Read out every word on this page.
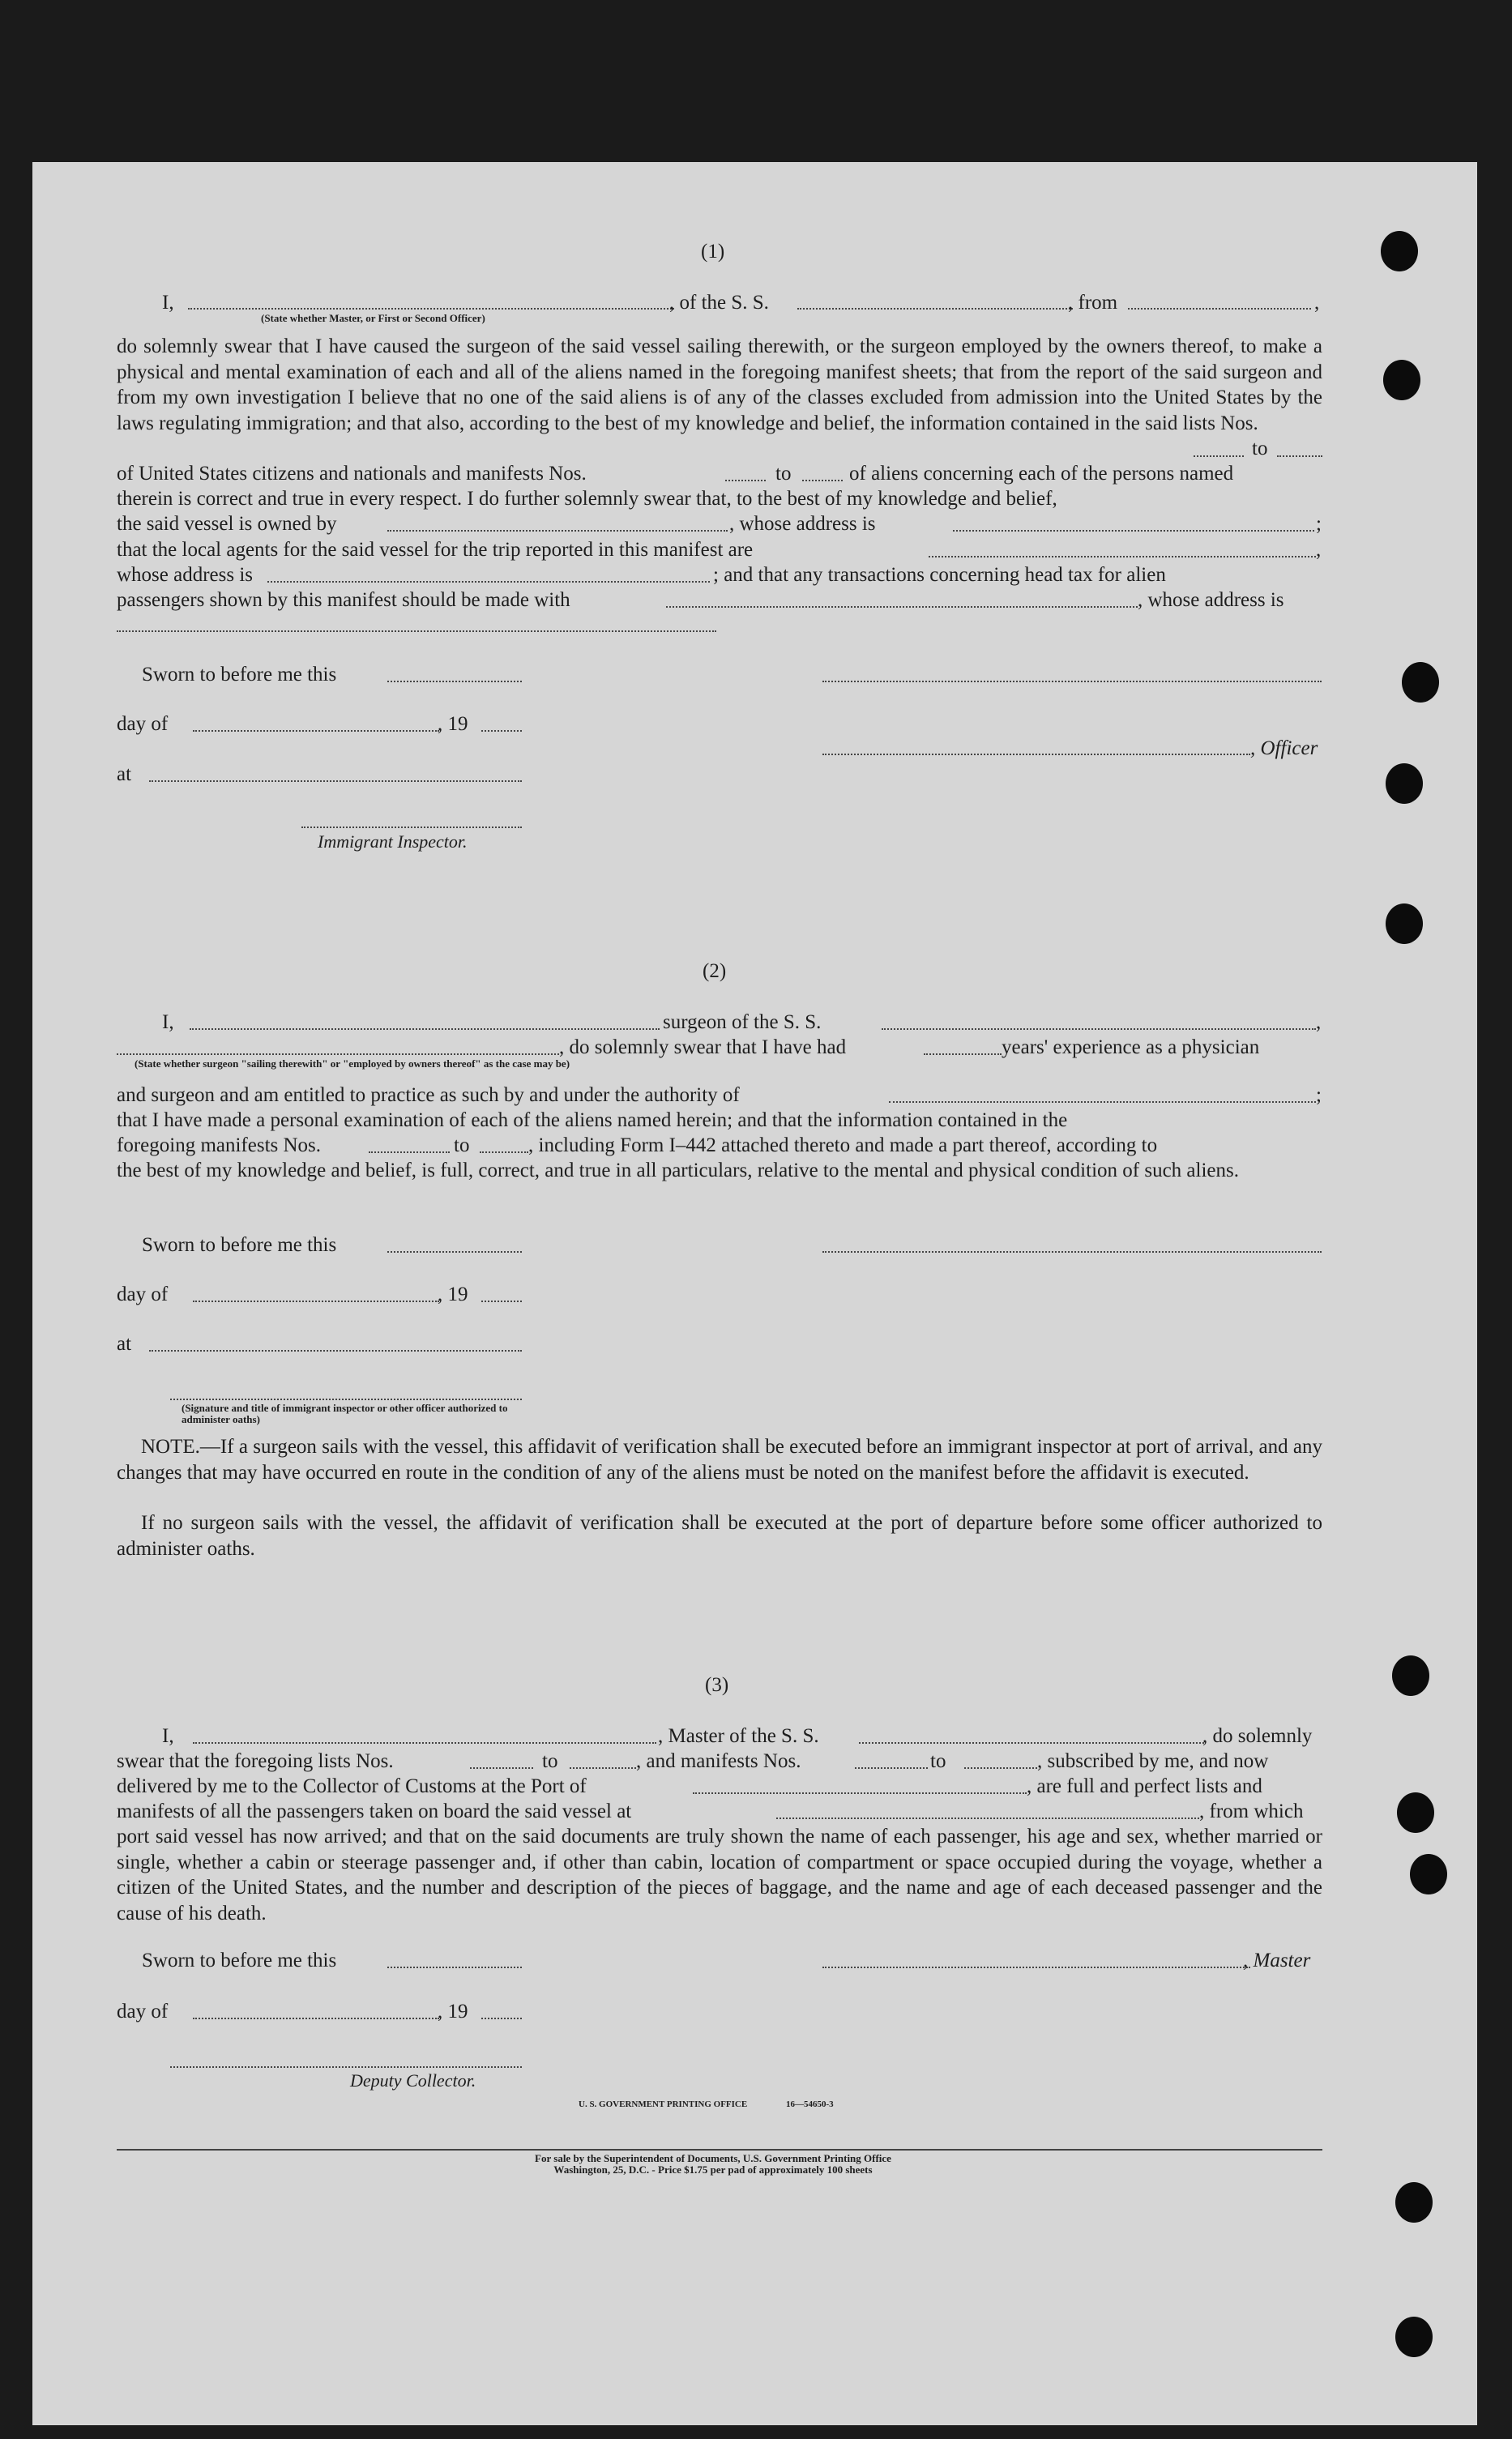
(1)
I,	, of the S. S.	, from	,
(State whether Master, or First or Second Officer)
do solemnly swear that I have caused the surgeon of the said vessel sailing therewith, or the surgeon employed by the owners thereof, to make a physical and mental examination of each and all of the aliens named in the foregoing manifest sheets; that from the report of the said surgeon and from my own investigation I believe that no one of the said aliens is of any of the classes excluded from admission into the United States by the laws regulating immigration; and that also, according to the best of my knowledge and belief, the information contained in the said lists Nos.
to
of United States citizens and nationals and manifests Nos.	to	of aliens concerning each of the persons named
therein is correct and true in every respect. I do further solemnly swear that, to the best of my knowledge and belief,
the said vessel is owned by	, whose address is	;
that the local agents for the said vessel for the trip reported in this manifest are	,
whose address is	; and that any transactions concerning head tax for alien
passengers shown by this manifest should be made with	, whose address is
Sworn to before me this
day of	, 19
, Officer
at
Immigrant Inspector.
(2)
I,	surgeon of the S. S.	,
, do solemnly swear that I have had	years' experience as a physician
(State whether surgeon "sailing therewith" or "employed by owners thereof" as the case may be)
and surgeon and am entitled to practice as such by and under the authority of	;
that I have made a personal examination of each of the aliens named herein; and that the information contained in the
foregoing manifests Nos.	to	, including Form I–442 attached thereto and made a part thereof, according to
the best of my knowledge and belief, is full, correct, and true in all particulars, relative to the mental and physical condition of such aliens.
Sworn to before me this
day of	, 19
at
(Signature and title of immigrant inspector or other officer authorized to administer oaths)
NOTE.—If a surgeon sails with the vessel, this affidavit of verification shall be executed before an immigrant inspector at port of arrival, and any changes that may have occurred en route in the condition of any of the aliens must be noted on the manifest before the affidavit is executed.
If no surgeon sails with the vessel, the affidavit of verification shall be executed at the port of departure before some officer authorized to administer oaths.
(3)
I,	, Master of the S. S.	, do solemnly
swear that the foregoing lists Nos.	to	, and manifests Nos.	to	, subscribed by me, and now
delivered by me to the Collector of Customs at the Port of	, are full and perfect lists and
manifests of all the passengers taken on board the said vessel at	, from which
port said vessel has now arrived; and that on the said documents are truly shown the name of each passenger, his age and sex, whether married or single, whether a cabin or steerage passenger and, if other than cabin, location of compartment or space occupied during the voyage, whether a citizen of the United States, and the number and description of the pieces of baggage, and the name and age of each deceased passenger and the cause of his death.
Sworn to before me this	, Master
day of	, 19
Deputy Collector.
U. S. GOVERNMENT PRINTING OFFICE	16—54650-3
For sale by the Superintendent of Documents, U.S. Government Printing Office
Washington, 25, D.C. - Price $1.75 per pad of approximately 100 sheets
